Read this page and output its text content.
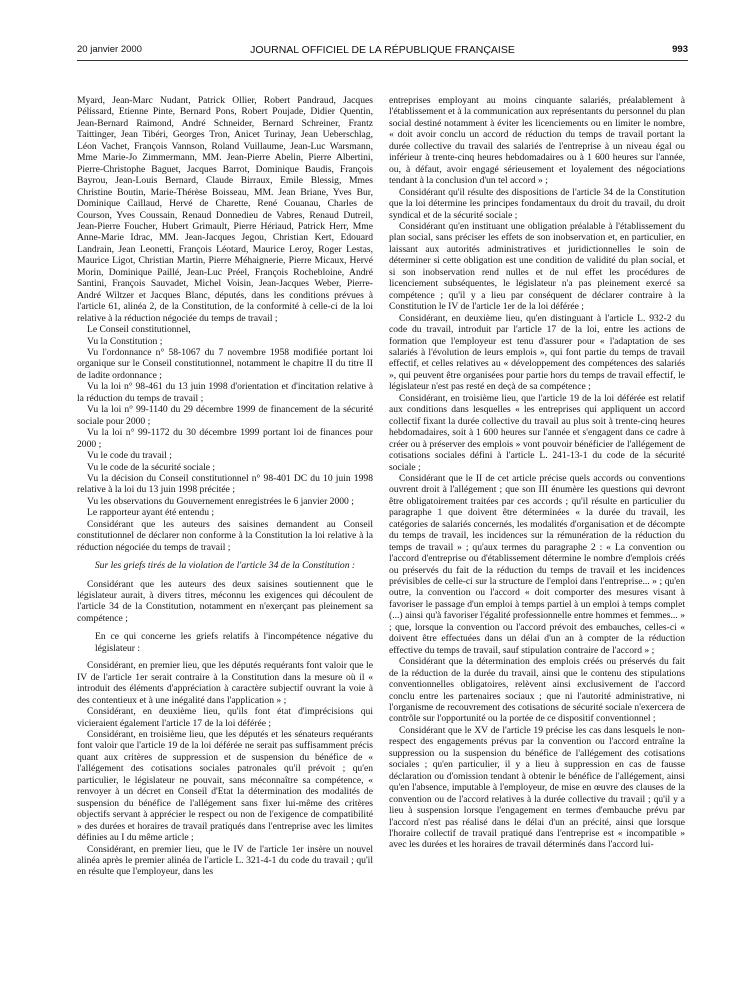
20 janvier 2000	JOURNAL OFFICIEL DE LA RÉPUBLIQUE FRANÇAISE	993

Myard, Jean-Marc Nudant, Patrick Ollier, Robert Pandraud, Jacques Pélissard, Etienne Pinte, Bernard Pons, Robert Poujade, Didier Quentin, Jean-Bernard Raimond, André Schneider, Bernard Schreiner, Frantz Taittinger, Jean Tibéri, Georges Tron, Anicet Turinay, Jean Ueberschlag, Léon Vachet, François Vannson, Roland Vuillaume, Jean-Luc Warsmann, Mme Marie-Jo Zimmermann, MM. Jean-Pierre Abelin, Pierre Albertini, Pierre-Christophe Baguet, Jacques Barrot, Dominique Baudis, François Bayrou, Jean-Louis Bernard, Claude Birraux, Emile Blessig, Mmes Christine Boutin, Marie-Thérèse Boisseau, MM. Jean Briane, Yves Bur, Dominique Caillaud, Hervé de Charette, René Couanau, Charles de Courson, Yves Coussain, Renaud Donnedieu de Vabres, Renaud Dutreil, Jean-Pierre Foucher, Hubert Grimault, Pierre Hériaud, Patrick Herr, Mme Anne-Marie Idrac, MM. Jean-Jacques Jegou, Christian Kert, Edouard Landrain, Jean Leonetti, François Léotard, Maurice Leroy, Roger Lestas, Maurice Ligot, Christian Martin, Pierre Méhaignerie, Pierre Micaux, Hervé Morin, Dominique Paillé, Jean-Luc Préel, François Rochebloine, André Santini, François Sauvadet, Michel Voisin, Jean-Jacques Weber, Pierre-André Wiltzer et Jacques Blanc, députés, dans les conditions prévues à l'article 61, alinéa 2, de la Constitution, de la conformité à celle-ci de la loi relative à la réduction négociée du temps de travail ;

Le Conseil constitutionnel,

Vu la Constitution ;

Vu l'ordonnance n° 58-1067 du 7 novembre 1958 modifiée portant loi organique sur le Conseil constitutionnel, notamment le chapitre II du titre II de ladite ordonnance ;

Vu la loi n° 98-461 du 13 juin 1998 d'orientation et d'incitation relative à la réduction du temps de travail ;

Vu la loi n° 99-1140 du 29 décembre 1999 de financement de la sécurité sociale pour 2000 ;

Vu la loi n° 99-1172 du 30 décembre 1999 portant loi de finances pour 2000 ;

Vu le code du travail ;

Vu le code de la sécurité sociale ;

Vu la décision du Conseil constitutionnel n° 98-401 DC du 10 juin 1998 relative à la loi du 13 juin 1998 précitée ;

Vu les observations du Gouvernement enregistrées le 6 janvier 2000 ;

Le rapporteur ayant été entendu ;

Considérant que les auteurs des saisines demandent au Conseil constitutionnel de déclarer non conforme à la Constitution la loi relative à la réduction négociée du temps de travail ;

Sur les griefs tirés de la violation de l'article 34 de la Constitution :

Considérant que les auteurs des deux saisines soutiennent que le législateur aurait, à divers titres, méconnu les exigences qui découlent de l'article 34 de la Constitution, notamment en n'exerçant pas pleinement sa compétence ;

En ce qui concerne les griefs relatifs à l'incompétence négative du législateur :

Considérant, en premier lieu, que les députés requérants font valoir que le IV de l'article 1er serait contraire à la Constitution dans la mesure où il « introduit des éléments d'appréciation à caractère subjectif ouvrant la voie à des contentieux et à une inégalité dans l'application » ;

Considérant, en deuxième lieu, qu'ils font état d'imprécisions qui vicieraient également l'article 17 de la loi déférée ;

Considérant, en troisième lieu, que les députés et les sénateurs requérants font valoir que l'article 19 de la loi déférée ne serait pas suffisamment précis quant aux critères de suppression et de suspension du bénéfice de « l'allégement des cotisations sociales patronales qu'il prévoit ; qu'en particulier, le législateur ne pouvait, sans méconnaître sa compétence, « renvoyer à un décret en Conseil d'Etat la détermination des modalités de suspension du bénéfice de l'allégement sans fixer lui-même des critères objectifs servant à apprécier le respect ou non de l'exigence de compatibilité » des durées et horaires de travail pratiqués dans l'entreprise avec les limites définies au I du même article ;

Considérant, en premier lieu, que le IV de l'article 1er insère un nouvel alinéa après le premier alinéa de l'article L. 321-4-1 du code du travail ; qu'il en résulte que l'employeur, dans les

entreprises employant au moins cinquante salariés, préalablement à l'établissement et à la communication aux représentants du personnel du plan social destiné notamment à éviter les licenciements ou en limiter le nombre, « doit avoir conclu un accord de réduction du temps de travail portant la durée collective du travail des salariés de l'entreprise à un niveau égal ou inférieur à trente-cinq heures hebdomadaires ou à 1 600 heures sur l'année, ou, à défaut, avoir engagé sérieusement et loyalement des négociations tendant à la conclusion d'un tel accord » ;

Considérant qu'il résulte des dispositions de l'article 34 de la Constitution que la loi détermine les principes fondamentaux du droit du travail, du droit syndical et de la sécurité sociale ;

Considérant qu'en instituant une obligation préalable à l'établissement du plan social, sans préciser les effets de son inobservation et, en particulier, en laissant aux autorités administratives et juridictionnelles le soin de déterminer si cette obligation est une condition de validité du plan social, et si son inobservation rend nulles et de nul effet les procédures de licenciement subséquentes, le législateur n'a pas pleinement exercé sa compétence ; qu'il y a lieu par conséquent de déclarer contraire à la Constitution le IV de l'article 1er de la loi déférée ;

Considérant, en deuxième lieu, qu'en distinguant à l'article L. 932-2 du code du travail, introduit par l'article 17 de la loi, entre les actions de formation que l'employeur est tenu d'assurer pour « l'adaptation de ses salariés à l'évolution de leurs emplois », qui font partie du temps de travail effectif, et celles relatives au « développement des compétences des salariés », qui peuvent être organisées pour partie hors du temps de travail effectif, le législateur n'est pas resté en deçà de sa compétence ;

Considérant, en troisième lieu, que l'article 19 de la loi déférée est relatif aux conditions dans lesquelles « les entreprises qui appliquent un accord collectif fixant la durée collective du travail au plus soit à trente-cinq heures hebdomadaires, soit à 1 600 heures sur l'année et s'engagent dans ce cadre à créer ou à préserver des emplois » vont pouvoir bénéficier de l'allégement de cotisations sociales défini à l'article L. 241-13-1 du code de la sécurité sociale ;

Considérant que le II de cet article précise quels accords ou conventions ouvrent droit à l'allégement ; que son III énumère les questions qui devront être obligatoirement traitées par ces accords ; qu'il résulte en particulier du paragraphe 1 que doivent être déterminées « la durée du travail, les catégories de salariés concernés, les modalités d'organisation et de décompte du temps de travail, les incidences sur la rémunération de la réduction du temps de travail » ; qu'aux termes du paragraphe 2 : « La convention ou l'accord d'entreprise ou d'établissement détermine le nombre d'emplois créés ou préservés du fait de la réduction du temps de travail et les incidences prévisibles de celle-ci sur la structure de l'emploi dans l'entreprise... » ; qu'en outre, la convention ou l'accord « doit comporter des mesures visant à favoriser le passage d'un emploi à temps partiel à un emploi à temps complet (...) ainsi qu'à favoriser l'égalité professionnelle entre hommes et femmes... » ; que, lorsque la convention ou l'accord prévoit des embauches, celles-ci « doivent être effectuées dans un délai d'un an à compter de la réduction effective du temps de travail, sauf stipulation contraire de l'accord » ;

Considérant que la détermination des emplois créés ou préservés du fait de la réduction de la durée du travail, ainsi que le contenu des stipulations conventionnelles obligatoires, relèvent ainsi exclusivement de l'accord conclu entre les partenaires sociaux ; que ni l'autorité administrative, ni l'organisme de recouvrement des cotisations de sécurité sociale n'exercera de contrôle sur l'opportunité ou la portée de ce dispositif conventionnel ;

Considérant que le XV de l'article 19 précise les cas dans lesquels le non-respect des engagements prévus par la convention ou l'accord entraîne la suppression ou la suspension du bénéfice de l'allégement des cotisations sociales ; qu'en particulier, il y a lieu à suppression en cas de fausse déclaration ou d'omission tendant à obtenir le bénéfice de l'allégement, ainsi qu'en l'absence, imputable à l'employeur, de mise en œuvre des clauses de la convention ou de l'accord relatives à la durée collective du travail ; qu'il y a lieu à suspension lorsque l'engagement en termes d'embauche prévu par l'accord n'est pas réalisé dans le délai d'un an précité, ainsi que lorsque l'horaire collectif de travail pratiqué dans l'entreprise est « incompatible » avec les durées et les horaires de travail déterminés dans l'accord lui-
